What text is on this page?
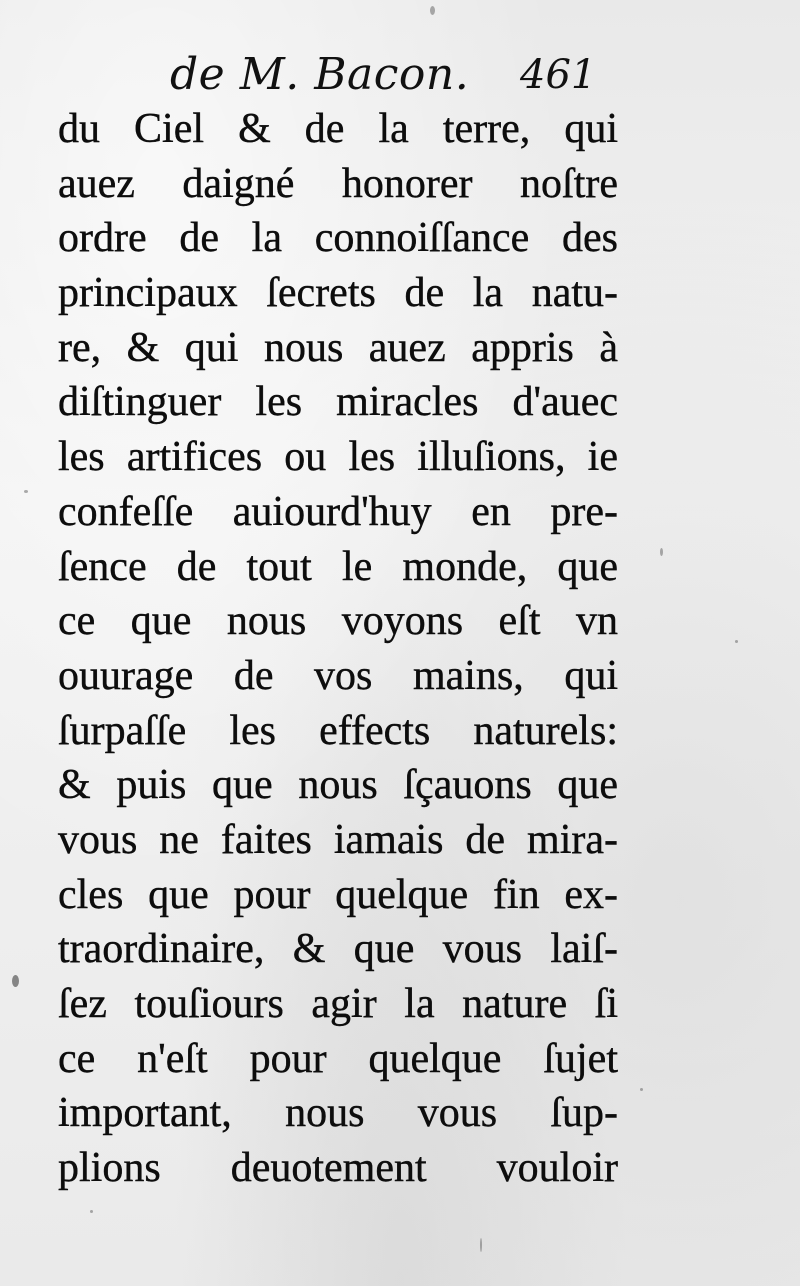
de M. Bacon. 461
du Ciel & de la terre, qui
auez daigné honorer noſtre
ordre de la connoiſſance des
principaux ſecrets de la natu-
re, & qui nous auez appris à
diſtinguer les miracles d'auec
les artifices ou les illuſions, ie
confeſſe auiourd'huy en pre-
ſence de tout le monde, que
ce que nous voyons eſt vn
ouurage de vos mains, qui
ſurpaſſe les effects naturels:
& puis que nous ſçauons que
vous ne faites iamais de mira-
cles que pour quelque fin ex-
traordinaire, & que vous laiſ-
ſez touſiours agir la nature ſi
ce n'eſt pour quelque ſujet
important, nous vous ſup-
plions deuotement vouloir
